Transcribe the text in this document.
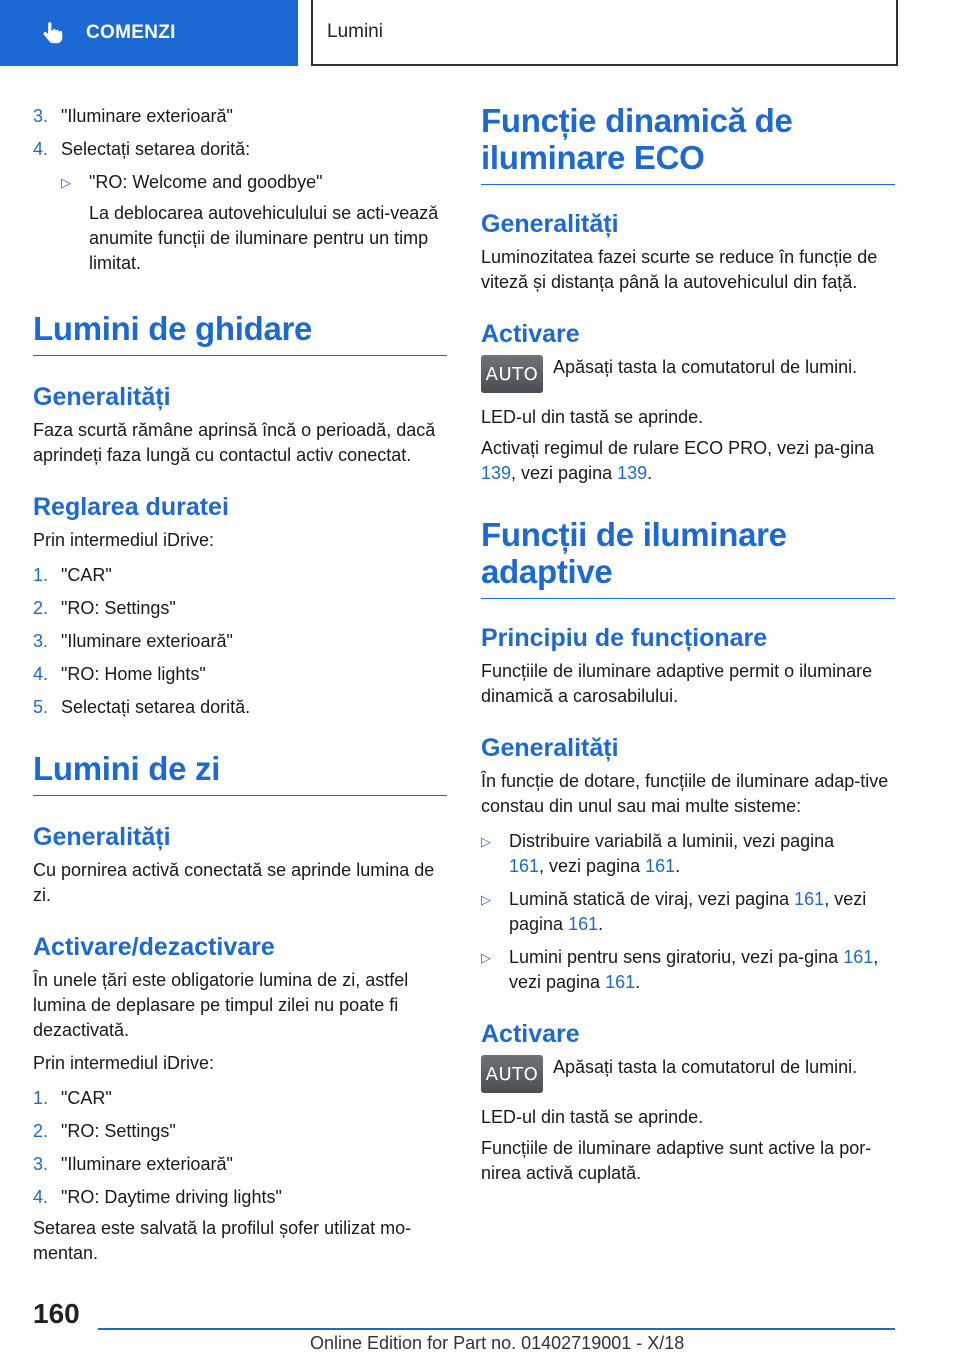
COMENZI	Lumini
3. "Iluminare exterioară"
4. Selectați setarea dorită:
▷	"RO: Welcome and goodbye"

La deblocarea autovehiculului se acti-veazǎ anumite funcții de iluminare pentru un timp limitat.
Lumini de ghidare
Generalități

Faza scurtă rămâne aprinsă încă o perioadă, dacă aprindeți faza lungă cu contactul activ conectat.

Reglarea duratei

Prin intermediul iDrive:

1. "CAR"
2. "RO: Settings"
3. "Iluminare exterioară"
4. "RO: Home lights"
5. Selectați setarea dorită.
Lumini de zi
Generalități

Cu pornirea activă conectată se aprinde lumina de zi.

Activare/dezactivare

În unele țări este obligatorie lumina de zi, astfel lumina de deplasare pe timpul zilei nu poate fi dezactivată.

Prin intermediul iDrive:

1. "CAR"
2. "RO: Settings"
3. "Iluminare exterioară"
4. "RO: Daytime driving lights"

Setarea este salvată la profilul șofer utilizat mo-mentan.

Funcție dinamică de iluminare ECO
Generalități

Luminozitatea fazei scurte se reduce în funcție de viteză și distanța până la autovehiculul din față.

Activare
AUTO Apăsați tasta la comutatorul de lumini.

LED-ul din tastă se aprinde.

Activați regimul de rulare ECO PRO, vezi pa-gina 139, vezi pagina 139.

Funcții de iluminare adaptive
Principiu de funcționare

Funcțiile de iluminare adaptive permit o iluminare dinamică a carosabilului.

Generalități

În funcție de dotare, funcțiile de iluminare adap-tive constau din unul sau mai multe sisteme:

▷	Distribuire variabilă a luminii, vezi pagina 161, vezi pagina 161.
▷	Lumină statică de viraj, vezi pagina 161, vezi pagina 161.
▷	Lumini pentru sens giratoriu, vezi pa-gina 161, vezi pagina 161.
Activare
AUTO Apăsați tasta la comutatorul de lumini.

LED-ul din tastă se aprinde.

Funcțiile de iluminare adaptive sunt active la por-nirea activă cuplată.

160
Online Edition for Part no. 01402719001 - X/18
